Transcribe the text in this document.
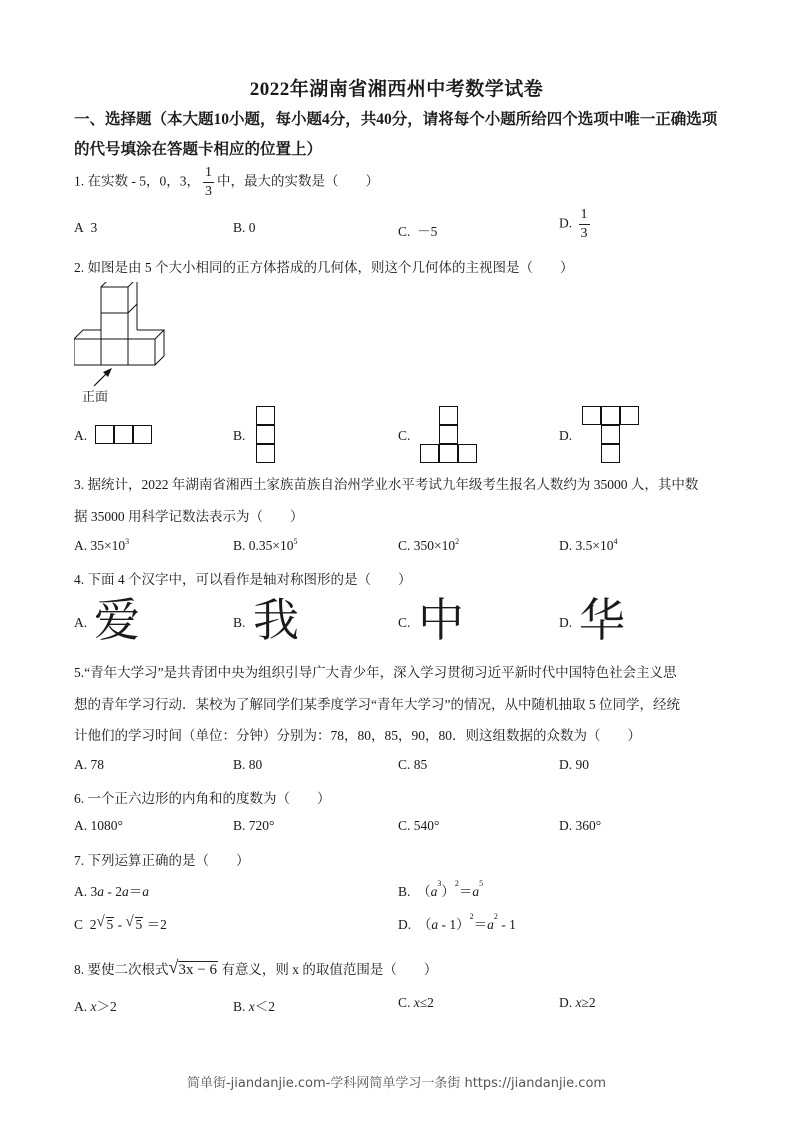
2022年湖南省湘西州中考数学试卷
一、选择题（本大题10小题，每小题4分，共40分，请将每个小题所给四个选项中唯一正确选项的代号填涂在答题卡相应的位置上）
1. 在实数 - 5，0，3， $\frac{1}{3}$ 中，最大的实数是（　　）
A 3	B. 0	C. －5
D. $\frac{1}{3}$
2. 如图是由 5 个大小相同的正方体搭成的几何体，则这个几何体的主视图是（　　）
正面
A.	B.	C.	D.
3. 据统计，2022 年湖南省湘西土家族苗族自治州学业水平考试九年级考生报名人数约为 35000 人，其中数
据 35000 用科学记数法表示为（　　）
A. $35\times 10^3$	B. $0.35\times 10^5$	C. $350\times 10^2$	D. $3.5\times 10^4$
4. 下面 4 个汉字中，可以看作是轴对称图形的是（　　）
A. 爱	B. 我	C. 中	D. 华
5.“青年大学习”是共青团中央为组织引导广大青少年，深入学习贯彻习近平新时代中国特色社会主义思
想的青年学习行动．某校为了解同学们某季度学习“青年大学习”的情况，从中随机抽取 5 位同学，经统
计他们的学习时间（单位：分钟）分别为：78，80，85，90，80．则这组数据的众数为（　　）
A. 78	B. 80	C. 85	D. 90
6. 一个正六边形的内角和的度数为（　　）
A. 1080°	B. 720°	C. 540°	D. 360°
7. 下列运算正确的是（　　）
A. 3a - 2a＝a	B.  $(a^3)^2=a^5$
C  2 √ 5 - √ 5 ＝2	D.  $(a - 1)^2=a^2 - 1$
8. 要使二次根式 √ 3x − 6 有意义，则 x 的取值范围是（　　）
A. x＞2	B. x＜2	C. x≤2	D. x≥2
简单街-jiandanjie.com-学科网简单学习一条街 https://jiandanjie.com
